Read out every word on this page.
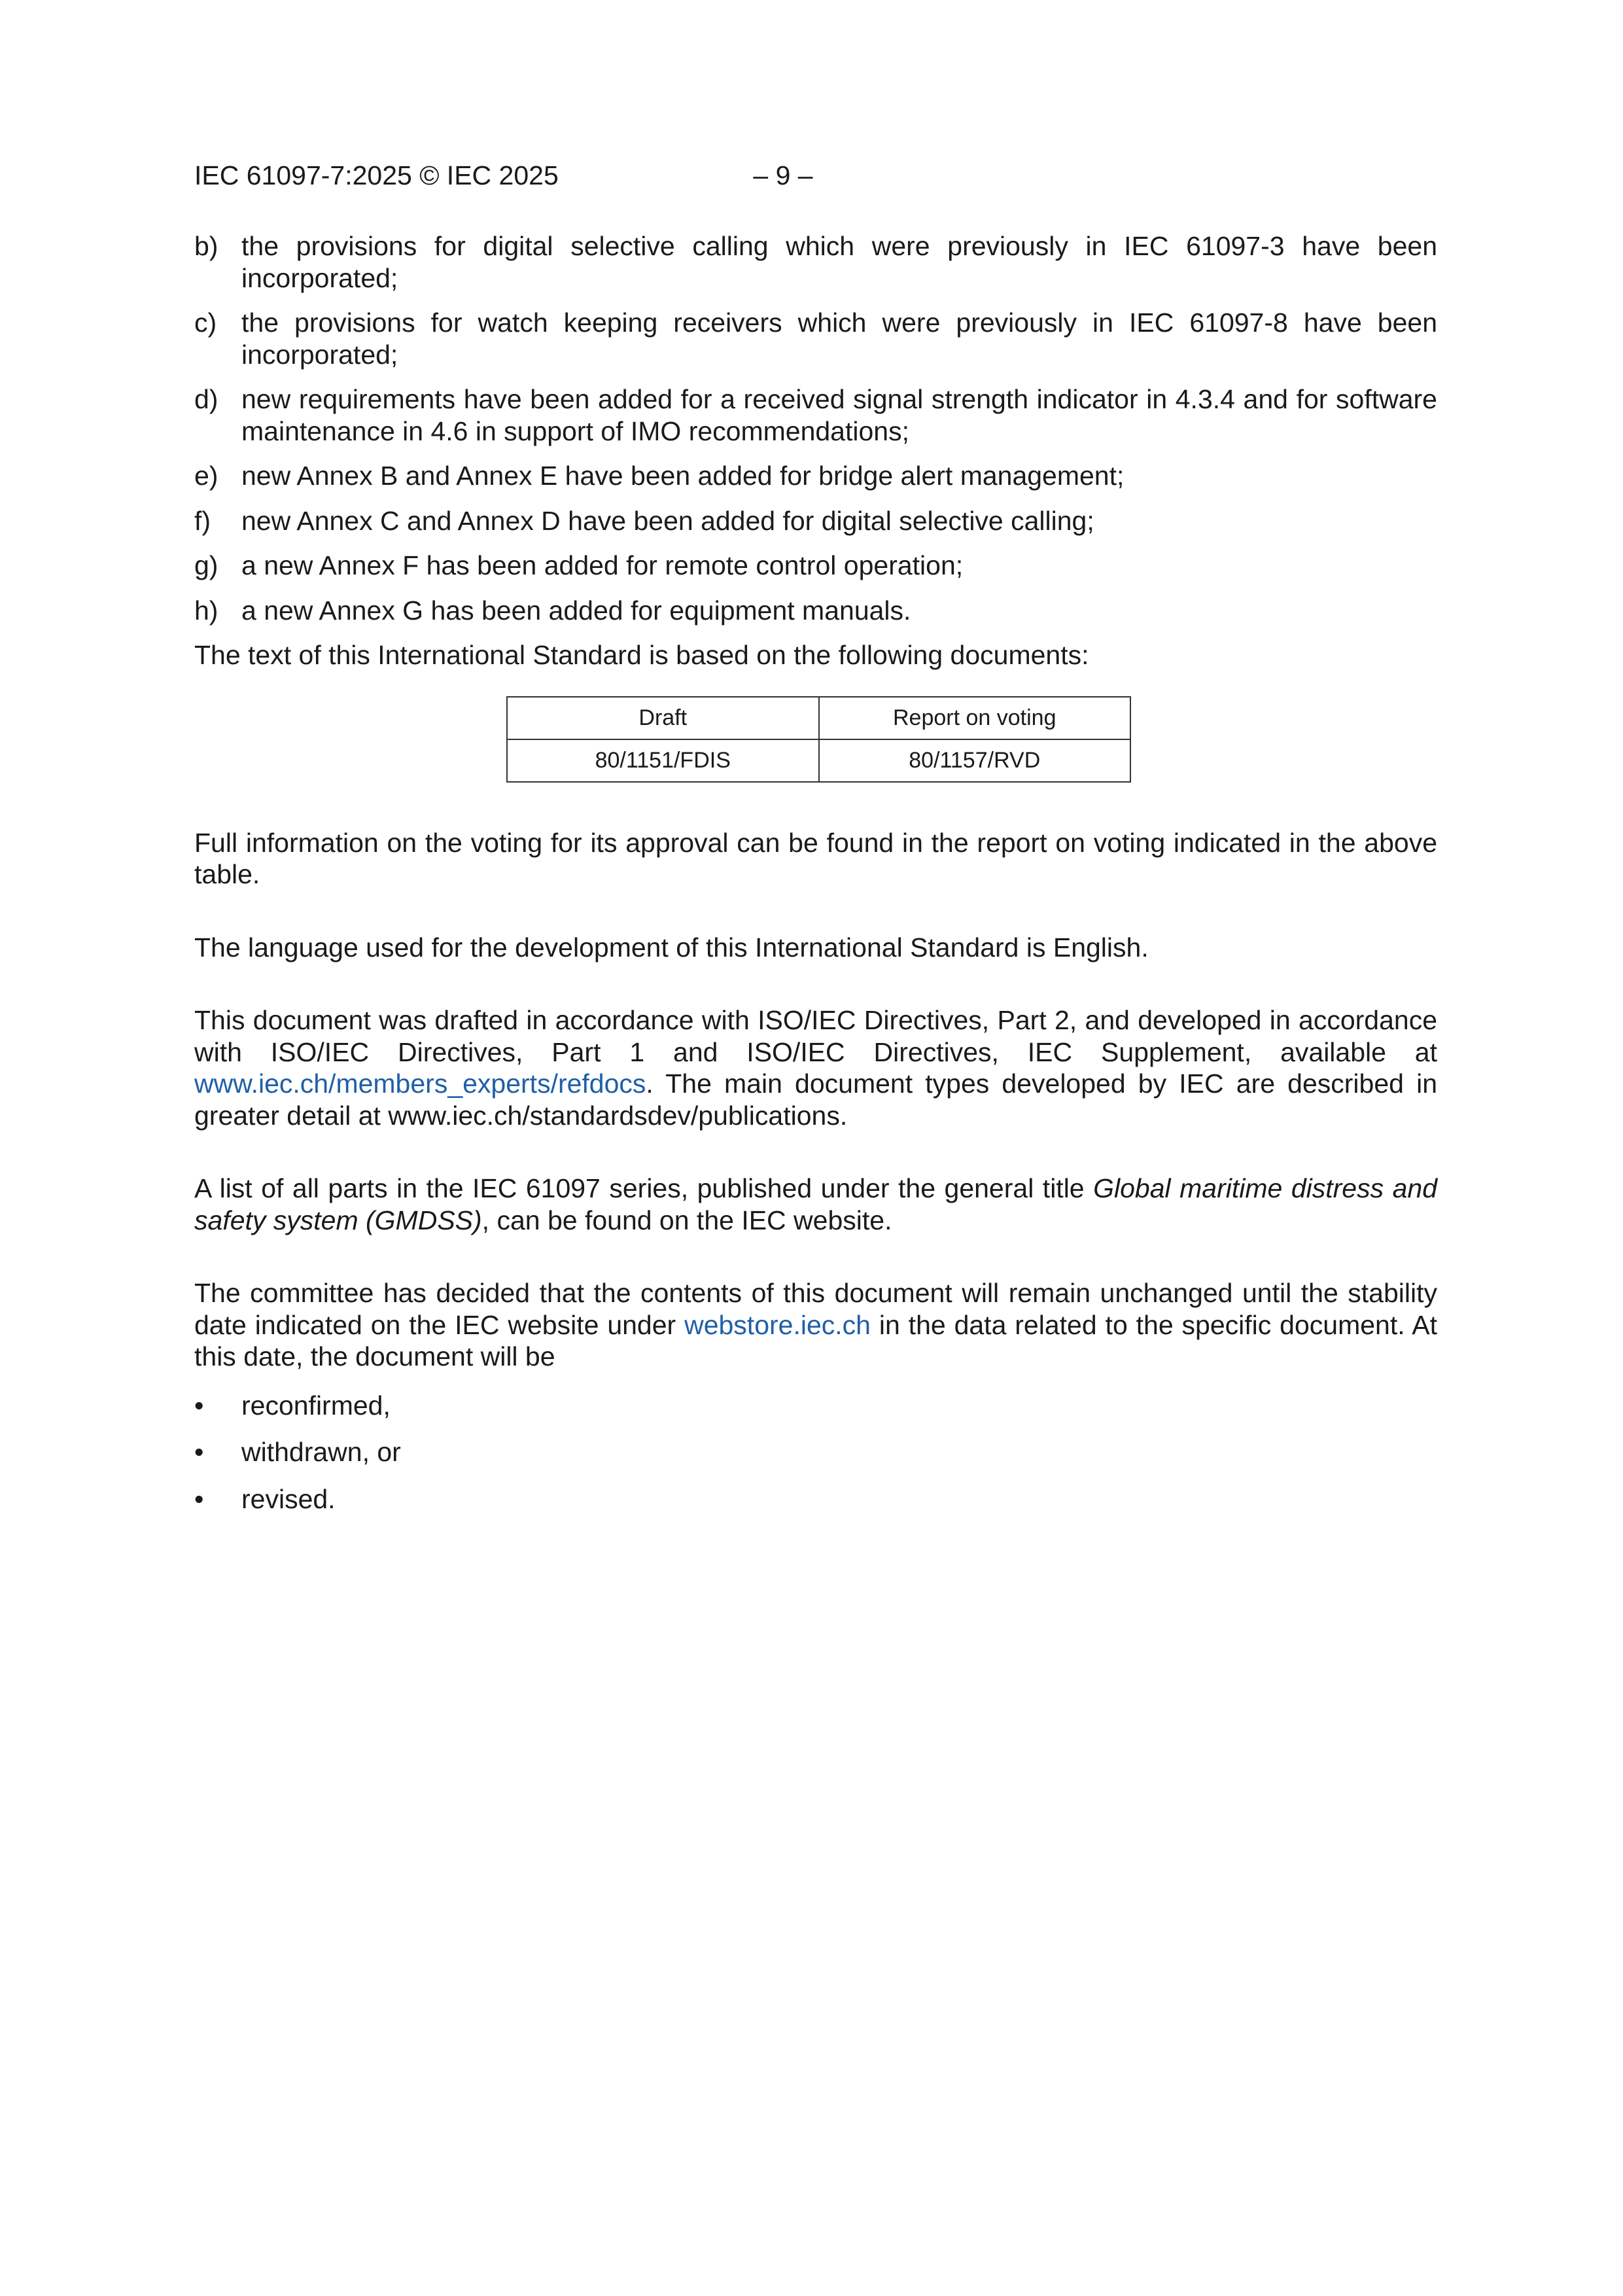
IEC 61097-7:2025 © IEC 2025	– 9 –
b) the provisions for digital selective calling which were previously in IEC 61097-3 have been incorporated;
c) the provisions for watch keeping receivers which were previously in IEC 61097-8 have been incorporated;
d) new requirements have been added for a received signal strength indicator in 4.3.4 and for software maintenance in 4.6 in support of IMO recommendations;
e) new Annex B and Annex E have been added for bridge alert management;
f) new Annex C and Annex D have been added for digital selective calling;
g) a new Annex F has been added for remote control operation;
h) a new Annex G has been added for equipment manuals.

The text of this International Standard is based on the following documents:

Draft	Report on voting
80/1151/FDIS	80/1157/RVD

Full information on the voting for its approval can be found in the report on voting indicated in the above table.

The language used for the development of this International Standard is English.

This document was drafted in accordance with ISO/IEC Directives, Part 2, and developed in accordance with ISO/IEC Directives, Part 1 and ISO/IEC Directives, IEC Supplement, available at www.iec.ch/members_experts/refdocs. The main document types developed by IEC are described in greater detail at www.iec.ch/standardsdev/publications.

A list of all parts in the IEC 61097 series, published under the general title Global maritime distress and safety system (GMDSS), can be found on the IEC website.

The committee has decided that the contents of this document will remain unchanged until the stability date indicated on the IEC website under webstore.iec.ch in the data related to the specific document. At this date, the document will be

• reconfirmed,
• withdrawn, or
• revised.
